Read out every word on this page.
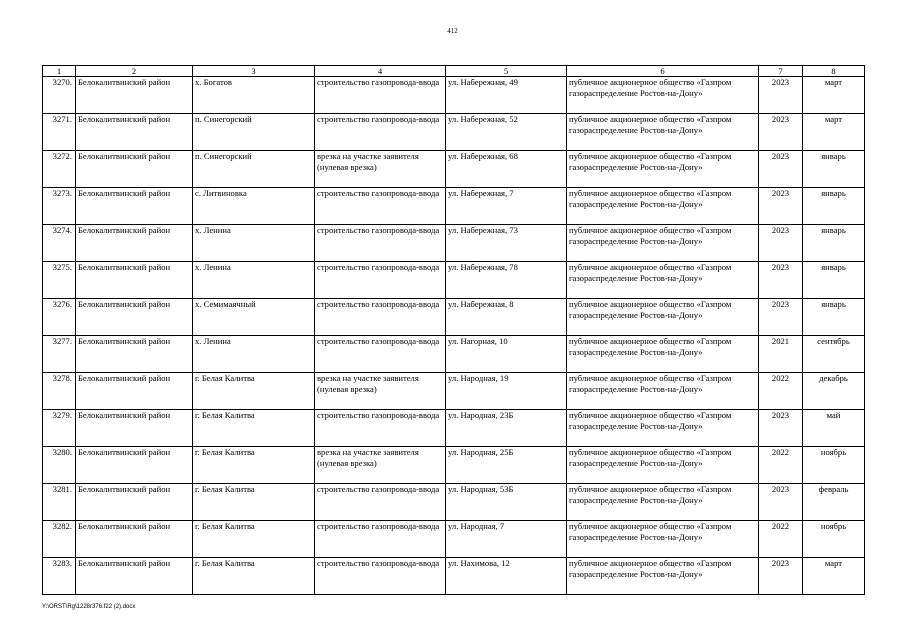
412
1	2	3	4	5	6	7	8
3270.	Белокалитвинский район	х. Богатов	строительство газопровода-ввода	ул. Набережная, 49	публичное акционерное общество «Газпром газораспределение Ростов-на-Дону»	2023	март
3271.	Белокалитвинский район	п. Синегорский	строительство газопровода-ввода	ул. Набережная, 52	публичное акционерное общество «Газпром газораспределение Ростов-на-Дону»	2023	март
3272.	Белокалитвинский район	п. Синегорский	врезка на участке заявителя (нулевая врезка)	ул. Набережная, 68	публичное акционерное общество «Газпром газораспределение Ростов-на-Дону»	2023	январь
3273.	Белокалитвинский район	с. Литвиновка	строительство газопровода-ввода	ул. Набережная, 7	публичное акционерное общество «Газпром газораспределение Ростов-на-Дону»	2023	январь
3274.	Белокалитвинский район	х. Ленина	строительство газопровода-ввода	ул. Набережная, 73	публичное акционерное общество «Газпром газораспределение Ростов-на-Дону»	2023	январь
3275.	Белокалитвинский район	х. Ленина	строительство газопровода-ввода	ул. Набережная, 78	публичное акционерное общество «Газпром газораспределение Ростов-на-Дону»	2023	январь
3276.	Белокалитвинский район	х. Семимаячный	строительство газопровода-ввода	ул. Набережная, 8	публичное акционерное общество «Газпром газораспределение Ростов-на-Дону»	2023	январь
3277.	Белокалитвинский район	х. Ленина	строительство газопровода-ввода	ул. Нагорная, 10	публичное акционерное общество «Газпром газораспределение Ростов-на-Дону»	2021	сентябрь
3278.	Белокалитвинский район	г. Белая Калитва	врезка на участке заявителя (нулевая врезка)	ул. Народная, 19	публичное акционерное общество «Газпром газораспределение Ростов-на-Дону»	2022	декабрь
3279.	Белокалитвинский район	г. Белая Калитва	строительство газопровода-ввода	ул. Народная, 23Б	публичное акционерное общество «Газпром газораспределение Ростов-на-Дону»	2023	май
3280.	Белокалитвинский район	г. Белая Калитва	врезка на участке заявителя (нулевая врезка)	ул. Народная, 25Б	публичное акционерное общество «Газпром газораспределение Ростов-на-Дону»	2022	ноябрь
3281.	Белокалитвинский район	г. Белая Калитва	строительство газопровода-ввода	ул. Народная, 53Б	публичное акционерное общество «Газпром газораспределение Ростов-на-Дону»	2023	февраль
3282.	Белокалитвинский район	г. Белая Калитва	строительство газопровода-ввода	ул. Народная, 7	публичное акционерное общество «Газпром газораспределение Ростов-на-Дону»	2022	ноябрь
3283.	Белокалитвинский район	г. Белая Калитва	строительство газопровода-ввода	ул. Нахимова, 12	публичное акционерное общество «Газпром газораспределение Ростов-на-Дону»	2023	март
Y:\ORST\Rg\1228r376.f22 (2).docx
